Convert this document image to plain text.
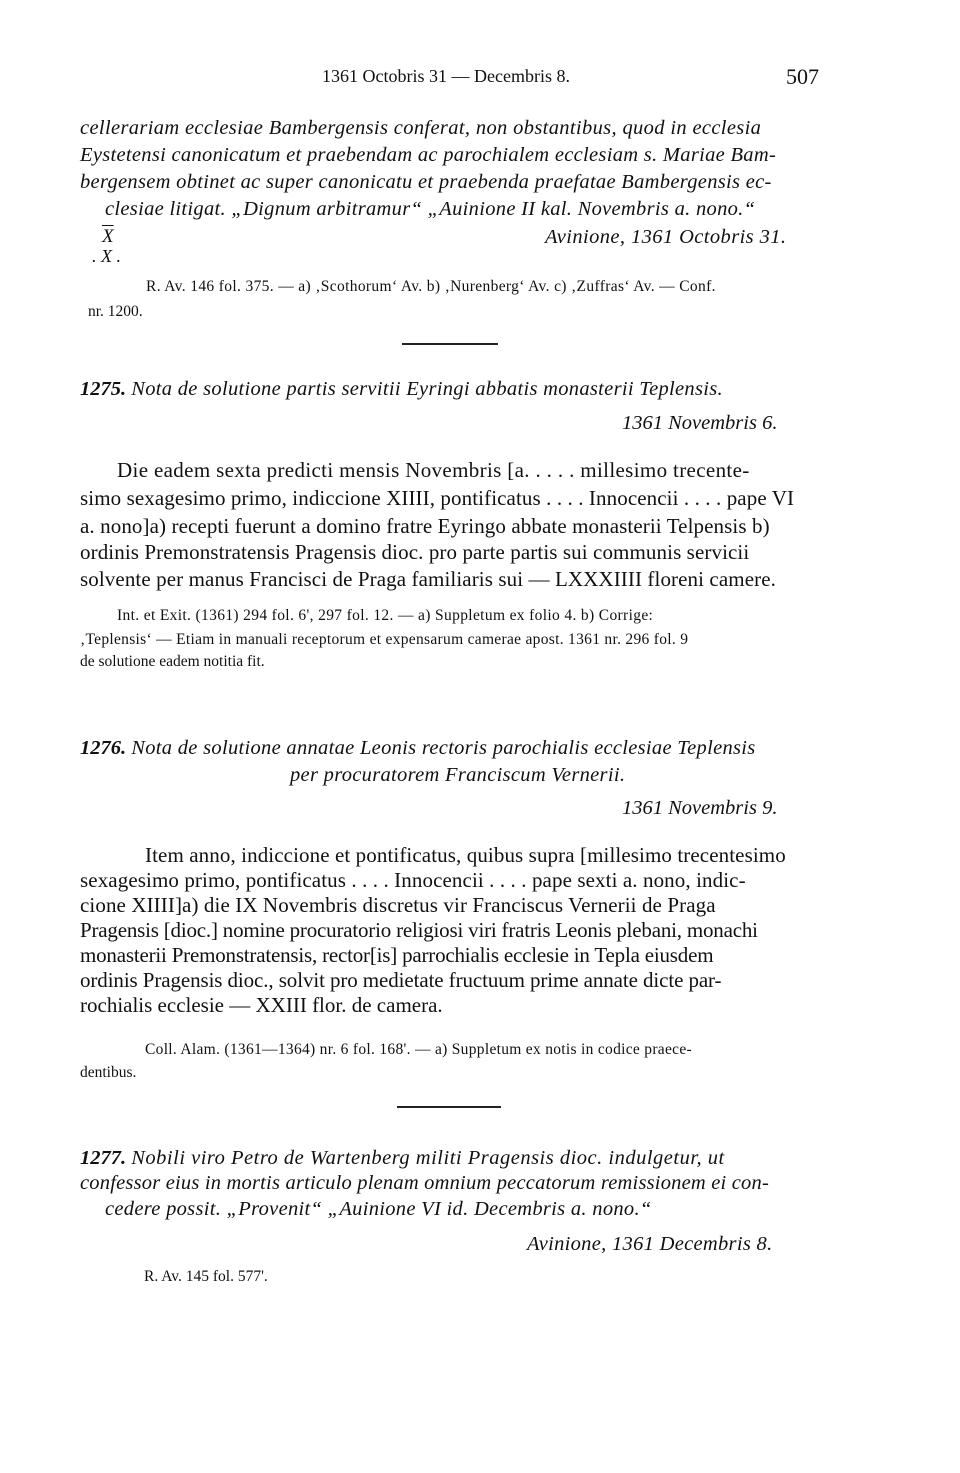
1361 Octobris 31 — Decembris 8.	507
cellerariam ecclesiae Bambergensis conferat, non obstantibus, quod in ecclesia
Eystetensi canonicatum et praebendam ac parochialem ecclesiam s. Mariae Bam-
bergensem obtinet ac super canonicatu et praebenda praefatae Bambergensis ec-
clesiae litigat. „Dignum arbitramur“ „Auinione II kal. Novembris a. nono.“
$\overline{X}$
. X .
Avinione, 1361 Octobris 31.
R. Av. 146 fol. 375. — a) ‚Scothorum‘ Av. b) ‚Nurenberg‘ Av. c) ‚Zuffras‘ Av. — Conf.
nr. 1200.
1275. Nota de solutione partis servitii Eyringi abbatis monasterii Teplensis.
1361 Novembris 6.
Die eadem sexta predicti mensis Novembris [a. . . . . millesimo trecente-
simo sexagesimo primo, indiccione XIIII, pontificatus . . . . Innocencii . . . . pape VI
a. nono]a) recepti fuerunt a domino fratre Eyringo abbate monasterii Telpensis b)
ordinis Premonstratensis Pragensis dioc. pro parte partis sui communis servicii
solvente per manus Francisci de Praga familiaris sui — LXXXIIII floreni camere.
Int. et Exit. (1361) 294 fol. 6', 297 fol. 12. — a) Suppletum ex folio 4. b) Corrige:
‚Teplensis‘ — Etiam in manuali receptorum et expensarum camerae apost. 1361 nr. 296 fol. 9
de solutione eadem notitia fit.
1276. Nota de solutione annatae Leonis rectoris parochialis ecclesiae Teplensis
per procuratorem Franciscum Vernerii.
1361 Novembris 9.
Item anno, indiccione et pontificatus, quibus supra [millesimo trecentesimo
sexagesimo primo, pontificatus . . . . Innocencii . . . . pape sexti a. nono, indic-
cione XIIII]a) die IX Novembris discretus vir Franciscus Vernerii de Praga
Pragensis [dioc.] nomine procuratorio religiosi viri fratris Leonis plebani, monachi
monasterii Premonstratensis, rector[is] parrochialis ecclesie in Tepla eiusdem
ordinis Pragensis dioc., solvit pro medietate fructuum prime annate dicte par-
rochialis ecclesie — XXIII flor. de camera.
Coll. Alam. (1361—1364) nr. 6 fol. 168'. — a) Suppletum ex notis in codice praece-
dentibus.
1277. Nobili viro Petro de Wartenberg militi Pragensis dioc. indulgetur, ut
confessor eius in mortis articulo plenam omnium peccatorum remissionem ei con-
cedere possit. „Provenit“ „Auinione VI id. Decembris a. nono.“
Avinione, 1361 Decembris 8.
R. Av. 145 fol. 577'.
